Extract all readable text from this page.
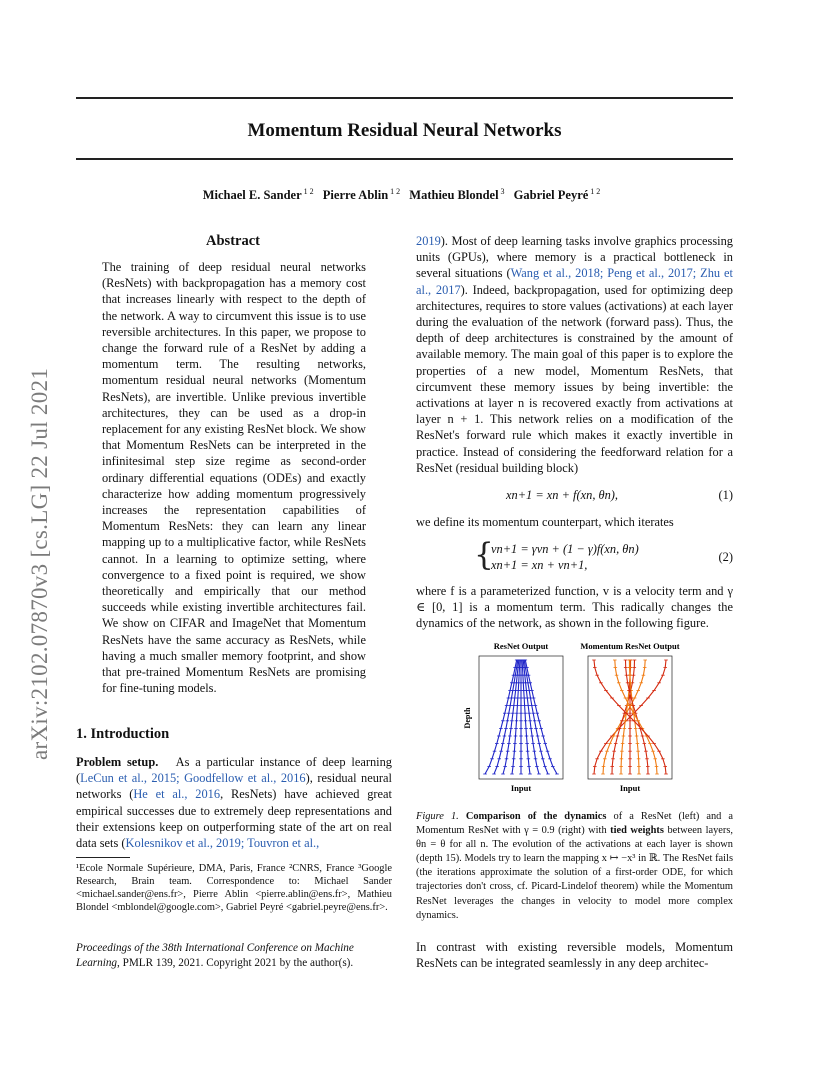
arXiv:2102.07870v3 [cs.LG] 22 Jul 2021
Momentum Residual Neural Networks
Michael E. Sander $^{1 2}$ Pierre Ablin $^{1 2}$ Mathieu Blondel $^3$ Gabriel Peyré $^{1 2}$
Abstract

The training of deep residual neural networks (ResNets) with backpropagation has a memory cost that increases linearly with respect to the depth of the network. A way to circumvent this issue is to use reversible architectures. In this paper, we propose to change the forward rule of a ResNet by adding a momentum term. The resulting networks, momentum residual neural networks (Momentum ResNets), are invertible. Unlike previous invertible architectures, they can be used as a drop-in replacement for any existing ResNet block. We show that Momentum ResNets can be interpreted in the infinitesimal step size regime as second-order ordinary differential equations (ODEs) and exactly characterize how adding momentum progressively increases the representation capabilities of Momentum ResNets: they can learn any linear mapping up to a multiplicative factor, while ResNets cannot. In a learning to optimize setting, where convergence to a fixed point is required, we show theoretically and empirically that our method succeeds while existing invertible architectures fail. We show on CIFAR and ImageNet that Momentum ResNets have the same accuracy as ResNets, while having a much smaller memory footprint, and show that pre-trained Momentum ResNets are promising for fine-tuning models.

1. Introduction

Problem setup. As a particular instance of deep learning (LeCun et al., 2015; Goodfellow et al., 2016), residual neural networks (He et al., 2016, ResNets) have achieved great empirical successes due to extremely deep representations and their extensions keep on outperforming state of the art on real data sets (Kolesnikov et al., 2019; Touvron et al.,

¹Ecole Normale Supérieure, DMA, Paris, France ²CNRS, France ³Google Research, Brain team. Correspondence to: Michael Sander <michael.sander@ens.fr>, Pierre Ablin <pierre.ablin@ens.fr>, Mathieu Blondel <mblondel@google.com>, Gabriel Peyré <gabriel.peyre@ens.fr>.

Proceedings of the 38th International Conference on Machine Learning, PMLR 139, 2021. Copyright 2021 by the author(s).

2019). Most of deep learning tasks involve graphics processing units (GPUs), where memory is a practical bottleneck in several situations (Wang et al., 2018; Peng et al., 2017; Zhu et al., 2017). Indeed, backpropagation, used for optimizing deep architectures, requires to store values (activations) at each layer during the evaluation of the network (forward pass). Thus, the depth of deep architectures is constrained by the amount of available memory. The main goal of this paper is to explore the properties of a new model, Momentum ResNets, that circumvent these memory issues by being invertible: the activations at layer n is recovered exactly from activations at layer n + 1. This network relies on a modification of the ResNet's forward rule which makes it exactly invertible in practice. Instead of considering the feedforward relation for a ResNet (residual building block)

xn+1 = xn + f(xn, θn),	(1)

we define its momentum counterpart, which iterates

{
vn+1 = γvn + (1 − γ)f(xn, θn)
xn+1 = xn + vn+1,
(2)

where f is a parameterized function, v is a velocity term and γ ∈ [0, 1] is a momentum term. This radically changes the dynamics of the network, as shown in the following figure.

ResNet Output	Momentum ResNet Output
Depth
Input	Input

Figure 1. Comparison of the dynamics of a ResNet (left) and a Momentum ResNet with γ = 0.9 (right) with tied weights between layers, θn = θ for all n. The evolution of the activations at each layer is shown (depth 15). Models try to learn the mapping x ↦ −x³ in ℝ. The ResNet fails (the iterations approximate the solution of a first-order ODE, for which trajectories don't cross, cf. Picard-Lindelof theorem) while the Momentum ResNet leverages the changes in velocity to model more complex dynamics.

In contrast with existing reversible models, Momentum ResNets can be integrated seamlessly in any deep architec-
